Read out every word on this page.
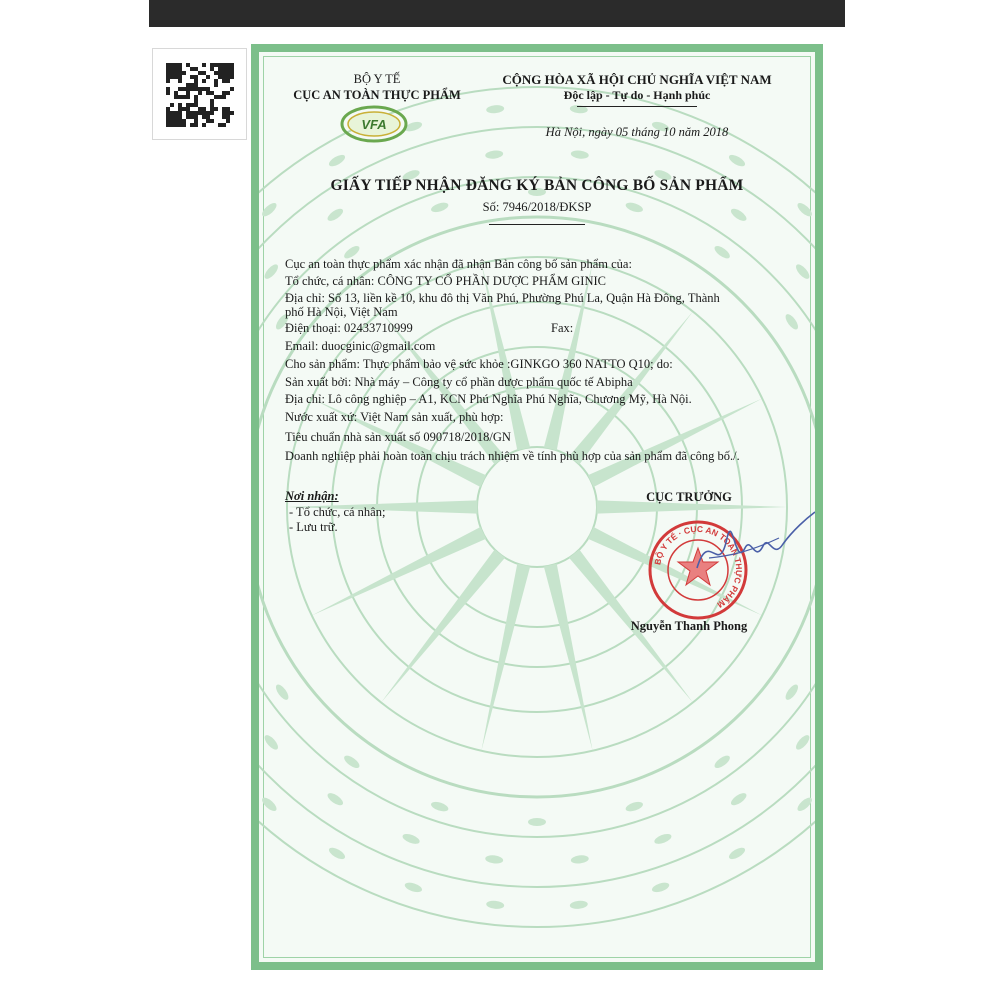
VFA
BỘ Y TẾ
CỤC AN TOÀN THỰC PHẨM
CỘNG HÒA XÃ HỘI CHỦ NGHĨA VIỆT NAM
Độc lập - Tự do - Hạnh phúc
Hà Nội, ngày 05 tháng 10 năm 2018
GIẤY TIẾP NHẬN ĐĂNG KÝ BẢN CÔNG BỐ SẢN PHẨM
Số: 7946/2018/ĐKSP
Cục an toàn thực phẩm xác nhận đã nhận Bản công bố sản phẩm của:
Tổ chức, cá nhân: CÔNG TY CỔ PHẦN DƯỢC PHẨM GINIC
Địa chỉ: Số 13, liền kề 10, khu đô thị Văn Phú, Phường Phú La, Quận Hà Đông, Thành
phố Hà Nội, Việt Nam
Điện thoại: 02433710999	Fax:
Email: duocginic@gmail.com
Cho sản phẩm: Thực phẩm bảo vệ sức khỏe :GINKGO 360 NATTO Q10; do:
Sản xuất bởi: Nhà máy – Công ty cổ phần dược phẩm quốc tế Abipha
Địa chỉ: Lô công nghiệp – A1, KCN Phú Nghĩa Phú Nghĩa, Chương Mỹ, Hà Nội.
Nước xuất xứ: Việt Nam sản xuất, phù hợp:
Tiêu chuẩn nhà sản xuất số 090718/2018/GN
Doanh nghiệp phải hoàn toàn chịu trách nhiệm về tính phù hợp của sản phẩm đã công bố./.
Nơi nhận:
- Tổ chức, cá nhân;
- Lưu trữ.
CỤC TRƯỞNG
BỘ Y TẾ · CỤC AN TOÀN THỰC PHẨM
Nguyễn Thanh Phong
